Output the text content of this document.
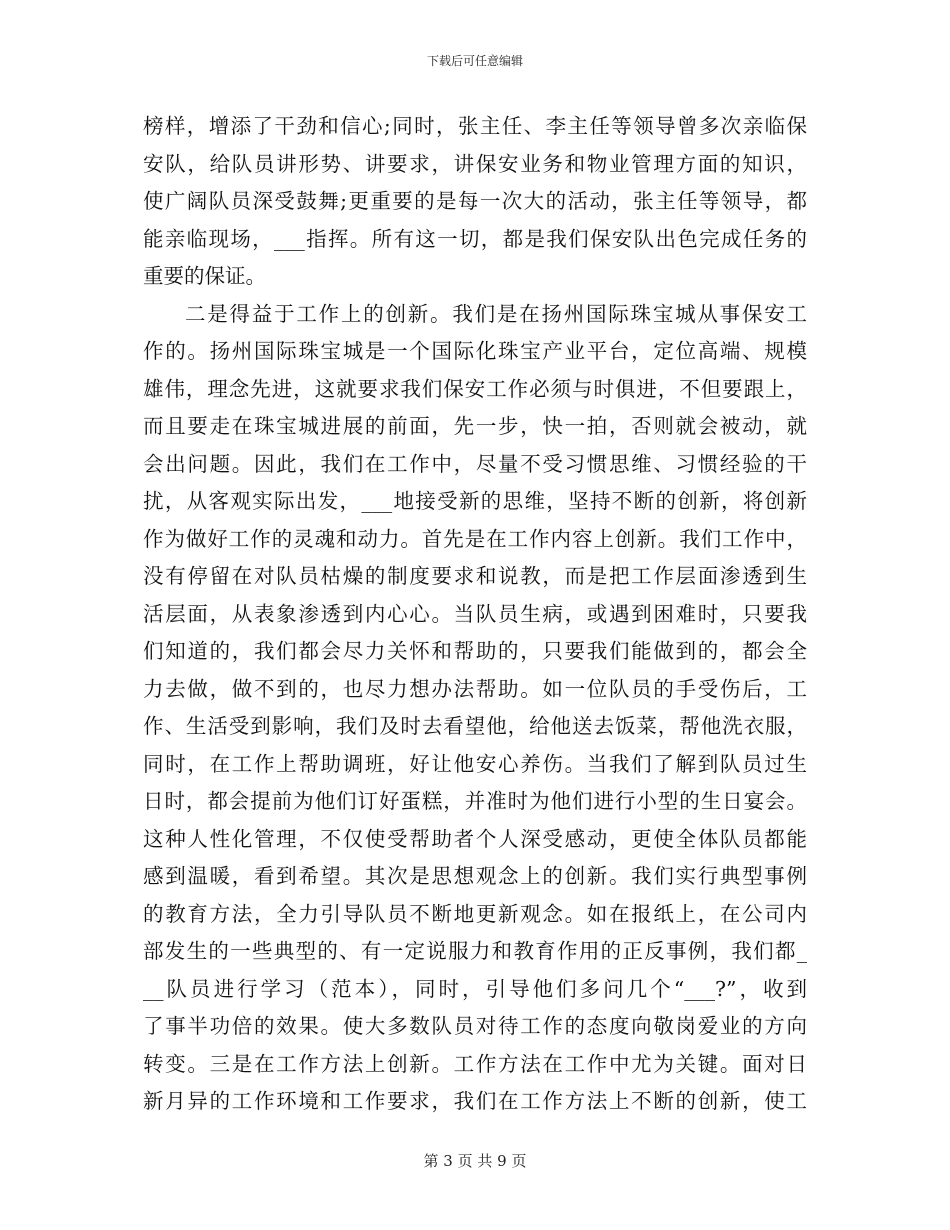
下载后可任意编辑
榜样，增添了干劲和信心;同时，张主任、李主任等领导曾多次亲临保
安队，给队员讲形势、讲要求，讲保安业务和物业管理方面的知识，
使广阔队员深受鼓舞;更重要的是每一次大的活动，张主任等领导，都
能亲临现场，___指挥。所有这一切，都是我们保安队出色完成任务的
重要的保证。
二是得益于工作上的创新。我们是在扬州国际珠宝城从事保安工
作的。扬州国际珠宝城是一个国际化珠宝产业平台，定位高端、规模
雄伟，理念先进，这就要求我们保安工作必须与时俱进，不但要跟上，
而且要走在珠宝城进展的前面，先一步，快一拍，否则就会被动，就
会出问题。因此，我们在工作中，尽量不受习惯思维、习惯经验的干
扰，从客观实际出发，___地接受新的思维，坚持不断的创新，将创新
作为做好工作的灵魂和动力。首先是在工作内容上创新。我们工作中，
没有停留在对队员枯燥的制度要求和说教，而是把工作层面渗透到生
活层面，从表象渗透到内心心。当队员生病，或遇到困难时，只要我
们知道的，我们都会尽力关怀和帮助的，只要我们能做到的，都会全
力去做，做不到的，也尽力想办法帮助。如一位队员的手受伤后，工
作、生活受到影响，我们及时去看望他，给他送去饭菜，帮他洗衣服，
同时，在工作上帮助调班，好让他安心养伤。当我们了解到队员过生
日时，都会提前为他们订好蛋糕，并准时为他们进行小型的生日宴会。
这种人性化管理，不仅使受帮助者个人深受感动，更使全体队员都能
感到温暖，看到希望。其次是思想观念上的创新。我们实行典型事例
的教育方法，全力引导队员不断地更新观念。如在报纸上，在公司内
部发生的一些典型的、有一定说服力和教育作用的正反事例，我们都_
__队员进行学习（范本），同时，引导他们多问几个“___?”，收到
了事半功倍的效果。使大多数队员对待工作的态度向敬岗爱业的方向
转变。三是在工作方法上创新。工作方法在工作中尤为关键。面对日
新月异的工作环境和工作要求，我们在工作方法上不断的创新，使工
第 3 页 共 9 页
